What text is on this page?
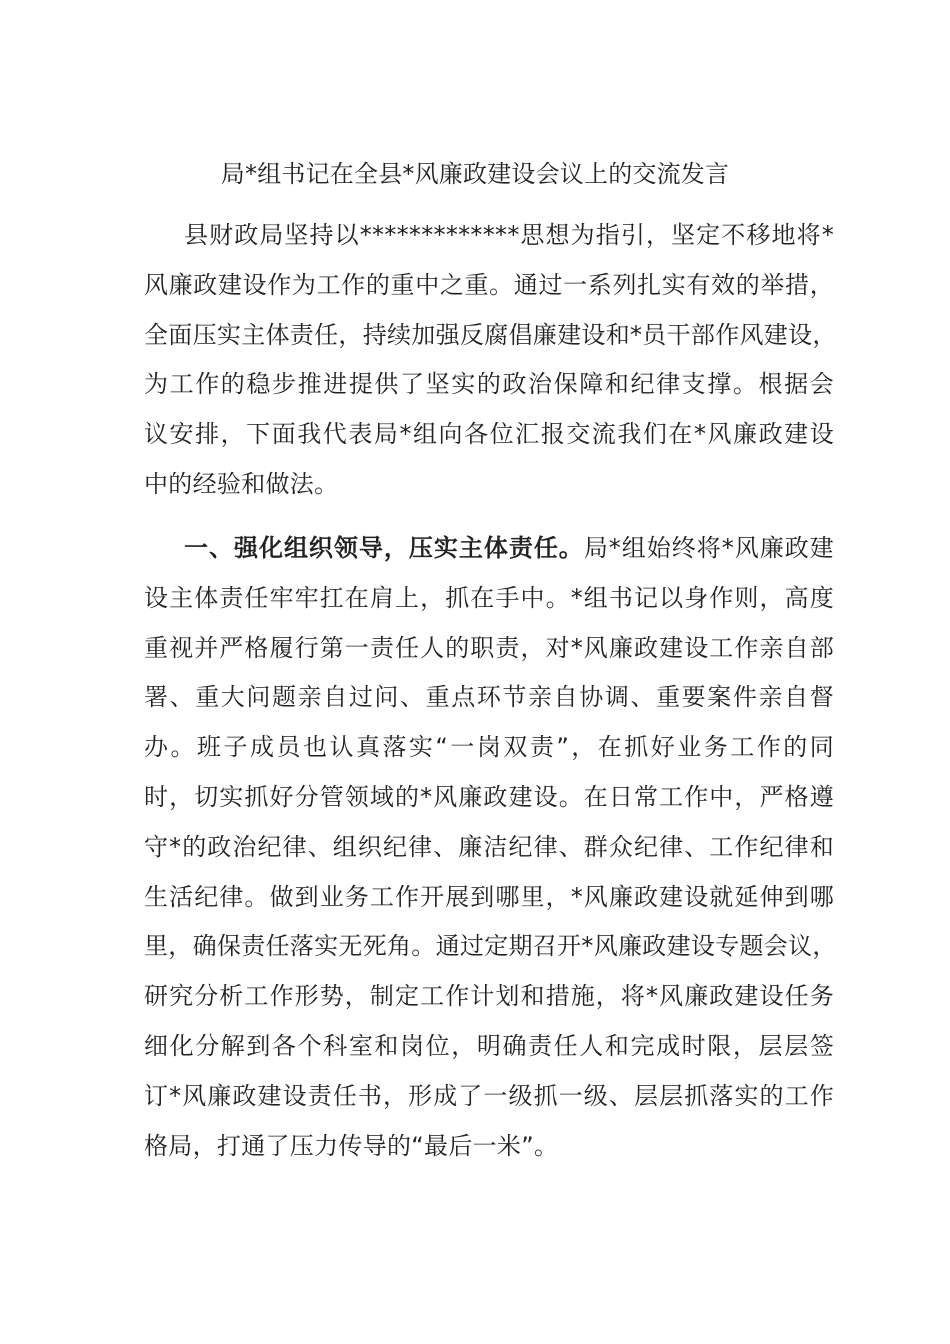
局*组书记在全县*风廉政建设会议上的交流发言
县财政局坚持以*************思想为指引，坚定不移地将*
风廉政建设作为工作的重中之重。通过一系列扎实有效的举措，
全面压实主体责任，持续加强反腐倡廉建设和*员干部作风建设，
为工作的稳步推进提供了坚实的政治保障和纪律支撑。根据会
议安排，下面我代表局*组向各位汇报交流我们在*风廉政建设
中的经验和做法。
一、强化组织领导，压实主体责任。局*组始终将*风廉政建
设主体责任牢牢扛在肩上，抓在手中。*组书记以身作则，高度
重视并严格履行第一责任人的职责，对*风廉政建设工作亲自部
署、重大问题亲自过问、重点环节亲自协调、重要案件亲自督
办。班子成员也认真落实“一岗双责”，在抓好业务工作的同
时，切实抓好分管领域的*风廉政建设。在日常工作中，严格遵
守*的政治纪律、组织纪律、廉洁纪律、群众纪律、工作纪律和
生活纪律。做到业务工作开展到哪里，*风廉政建设就延伸到哪
里，确保责任落实无死角。通过定期召开*风廉政建设专题会议，
研究分析工作形势，制定工作计划和措施，将*风廉政建设任务
细化分解到各个科室和岗位，明确责任人和完成时限，层层签
订*风廉政建设责任书，形成了一级抓一级、层层抓落实的工作
格局，打通了压力传导的“最后一米”。
